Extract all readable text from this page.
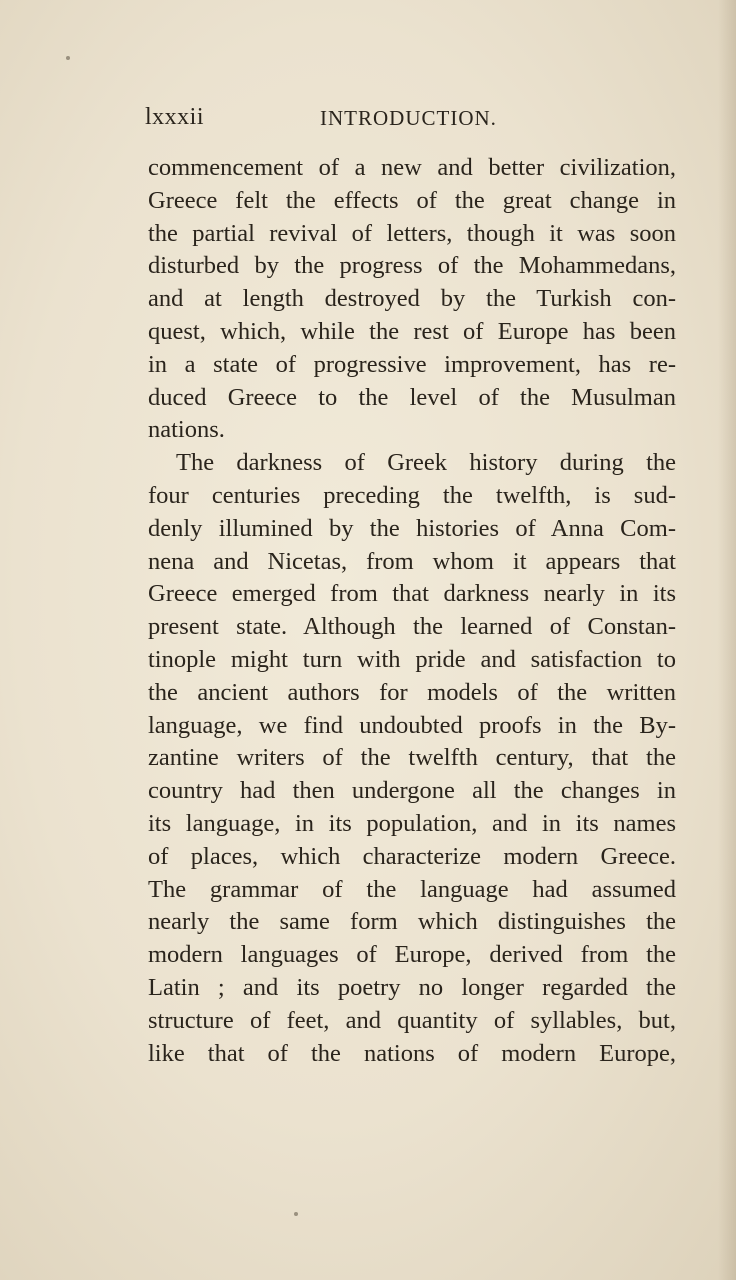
lxxxii	INTRODUCTION.
commencement of a new and better civilization,
Greece felt the effects of the great change in
the partial revival of letters, though it was soon
disturbed by the progress of the Mohammedans,
and at length destroyed by the Turkish con-
quest, which, while the rest of Europe has been
in a state of progressive improvement, has re-
duced Greece to the level of the Musulman
nations.
The darkness of Greek history during the
four centuries preceding the twelfth, is sud-
denly illumined by the histories of Anna Com-
nena and Nicetas, from whom it appears that
Greece emerged from that darkness nearly in its
present state. Although the learned of Constan-
tinople might turn with pride and satisfaction to
the ancient authors for models of the written
language, we find undoubted proofs in the By-
zantine writers of the twelfth century, that the
country had then undergone all the changes in
its language, in its population, and in its names
of places, which characterize modern Greece.
The grammar of the language had assumed
nearly the same form which distinguishes the
modern languages of Europe, derived from the
Latin ; and its poetry no longer regarded the
structure of feet, and quantity of syllables, but,
like that of the nations of modern Europe,
